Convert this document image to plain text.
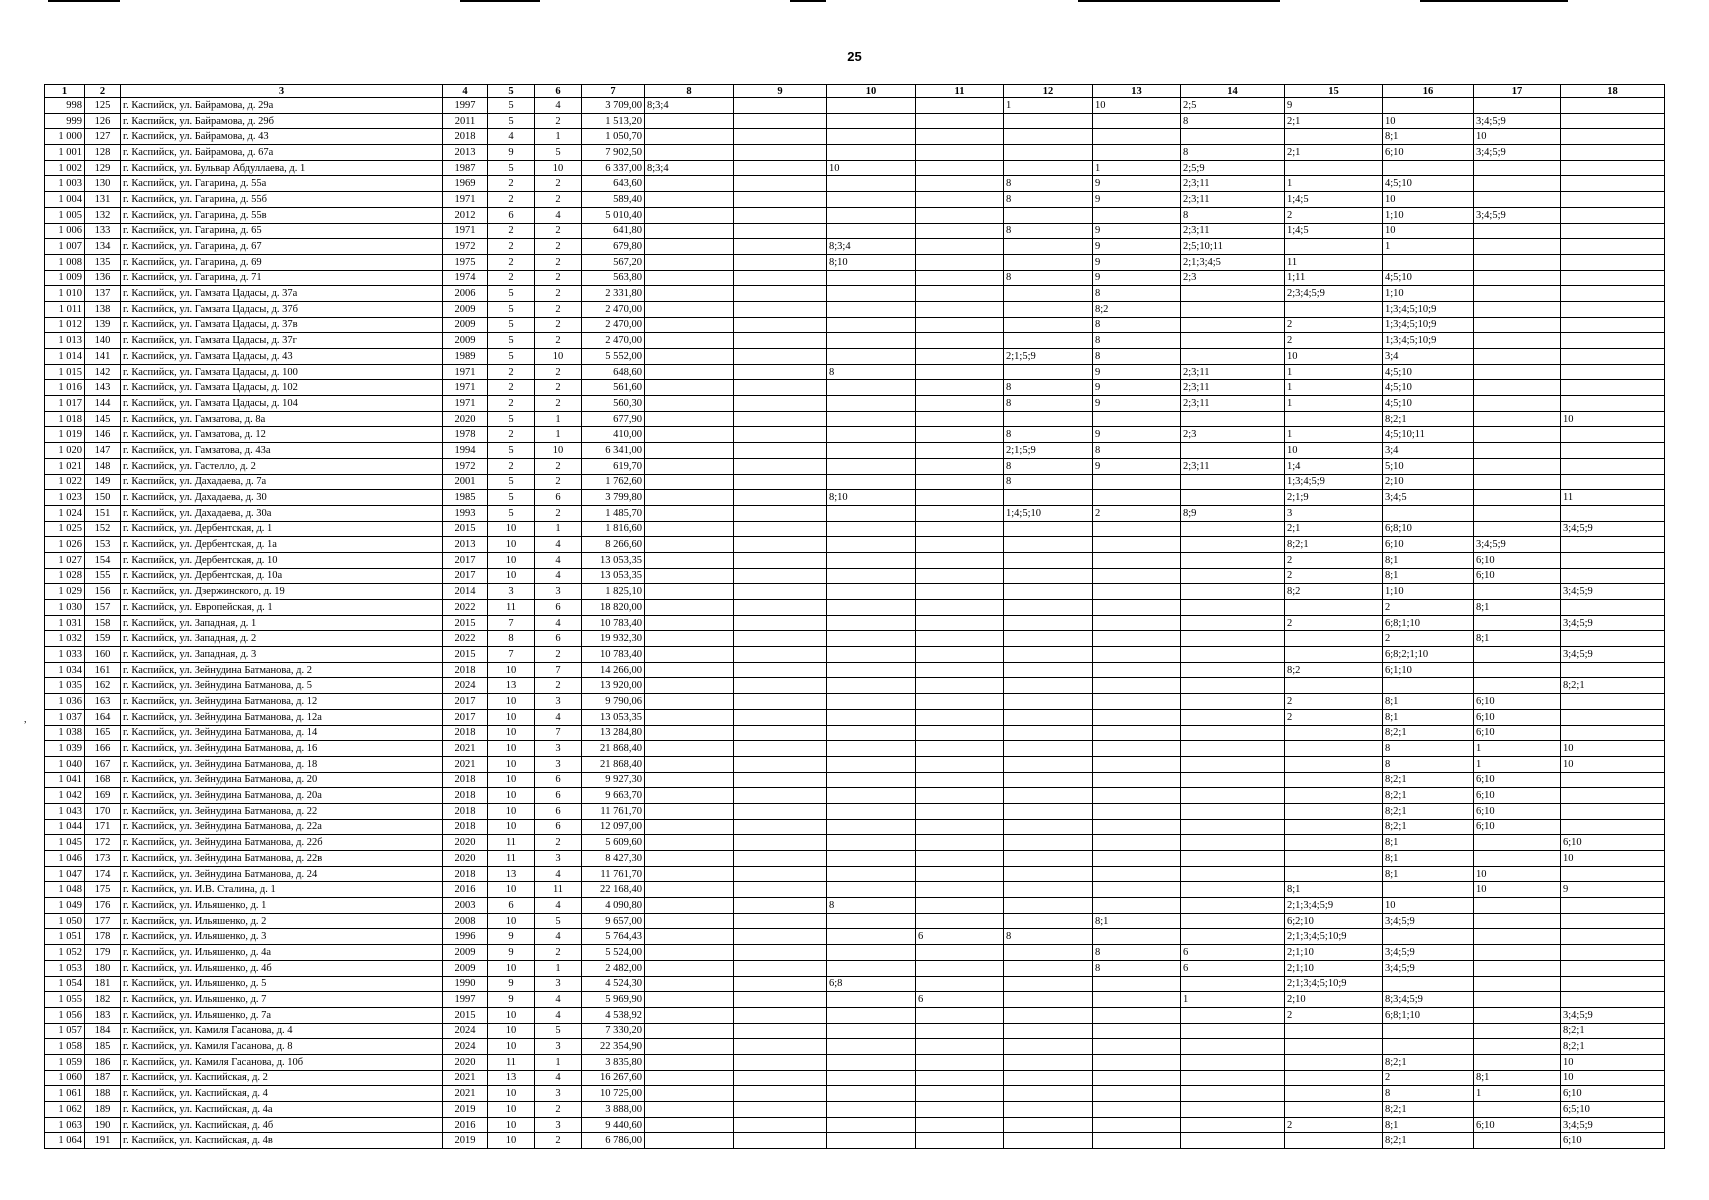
25
,
1	2	3	4	5	6	7	8	9	10	11	12	13	14	15	16	17	18
998	125	г. Каспийск, ул. Байрамова, д. 29а	1997	5	4	3 709,00	8;3;4				1	10	2;5	9			
999	126	г. Каспийск, ул. Байрамова, д. 29б	2011	5	2	1 513,20							8	2;1	10	3;4;5;9	
1 000	127	г. Каспийск, ул. Байрамова, д. 43	2018	4	1	1 050,70									8;1	10	
1 001	128	г. Каспийск, ул. Байрамова, д. 67а	2013	9	5	7 902,50							8	2;1	6;10	3;4;5;9	
1 002	129	г. Каспийск, ул. Бульвар Абдуллаева, д. 1	1987	5	10	6 337,00	8;3;4		10			1	2;5;9				
1 003	130	г. Каспийск, ул. Гагарина, д. 55а	1969	2	2	643,60					8	9	2;3;11	1	4;5;10		
1 004	131	г. Каспийск, ул. Гагарина, д. 55б	1971	2	2	589,40					8	9	2;3;11	1;4;5	10		
1 005	132	г. Каспийск, ул. Гагарина, д. 55в	2012	6	4	5 010,40							8	2	1;10	3;4;5;9	
1 006	133	г. Каспийск, ул. Гагарина, д. 65	1971	2	2	641,80					8	9	2;3;11	1;4;5	10		
1 007	134	г. Каспийск, ул. Гагарина, д. 67	1972	2	2	679,80			8;3;4			9	2;5;10;11		1		
1 008	135	г. Каспийск, ул. Гагарина, д. 69	1975	2	2	567,20			8;10			9	2;1;3;4;5	11			
1 009	136	г. Каспийск, ул. Гагарина, д. 71	1974	2	2	563,80					8	9	2;3	1;11	4;5;10		
1 010	137	г. Каспийск, ул. Гамзата Цадасы, д. 37а	2006	5	2	2 331,80						8		2;3;4;5;9	1;10		
1 011	138	г. Каспийск, ул. Гамзата Цадасы, д. 37б	2009	5	2	2 470,00						8;2			1;3;4;5;10;9		
1 012	139	г. Каспийск, ул. Гамзата Цадасы, д. 37в	2009	5	2	2 470,00						8		2	1;3;4;5;10;9		
1 013	140	г. Каспийск, ул. Гамзата Цадасы, д. 37г	2009	5	2	2 470,00						8		2	1;3;4;5;10;9		
1 014	141	г. Каспийск, ул. Гамзата Цадасы, д. 43	1989	5	10	5 552,00					2;1;5;9	8		10	3;4		
1 015	142	г. Каспийск, ул. Гамзата Цадасы, д. 100	1971	2	2	648,60			8			9	2;3;11	1	4;5;10		
1 016	143	г. Каспийск, ул. Гамзата Цадасы, д. 102	1971	2	2	561,60					8	9	2;3;11	1	4;5;10		
1 017	144	г. Каспийск, ул. Гамзата Цадасы, д. 104	1971	2	2	560,30					8	9	2;3;11	1	4;5;10		
1 018	145	г. Каспийск, ул. Гамзатова, д. 8а	2020	5	1	677,90									8;2;1		10
1 019	146	г. Каспийск, ул. Гамзатова, д. 12	1978	2	1	410,00					8	9	2;3	1	4;5;10;11		
1 020	147	г. Каспийск, ул. Гамзатова, д. 43а	1994	5	10	6 341,00					2;1;5;9	8		10	3;4		
1 021	148	г. Каспийск, ул. Гастелло, д. 2	1972	2	2	619,70					8	9	2;3;11	1;4	5;10		
1 022	149	г. Каспийск, ул. Дахадаева, д. 7а	2001	5	2	1 762,60					8			1;3;4;5;9	2;10		
1 023	150	г. Каспийск, ул. Дахадаева, д. 30	1985	5	6	3 799,80			8;10					2;1;9	3;4;5		11
1 024	151	г. Каспийск, ул. Дахадаева, д. 30а	1993	5	2	1 485,70					1;4;5;10	2	8;9	3			
1 025	152	г. Каспийск, ул. Дербентская, д. 1	2015	10	1	1 816,60								2;1	6;8;10		3;4;5;9
1 026	153	г. Каспийск, ул. Дербентская, д. 1а	2013	10	4	8 266,60								8;2;1	6;10	3;4;5;9	
1 027	154	г. Каспийск, ул. Дербентская, д. 10	2017	10	4	13 053,35								2	8;1	6;10	
1 028	155	г. Каспийск, ул. Дербентская, д. 10а	2017	10	4	13 053,35								2	8;1	6;10	
1 029	156	г. Каспийск, ул. Дзержинского, д. 19	2014	3	3	1 825,10								8;2	1;10		3;4;5;9
1 030	157	г. Каспийск, ул. Европейская, д. 1	2022	11	6	18 820,00									2	8;1	
1 031	158	г. Каспийск, ул. Западная, д. 1	2015	7	4	10 783,40								2	6;8;1;10		3;4;5;9
1 032	159	г. Каспийск, ул. Западная, д. 2	2022	8	6	19 932,30									2	8;1	
1 033	160	г. Каспийск, ул. Западная, д. 3	2015	7	2	10 783,40									6;8;2;1;10		3;4;5;9
1 034	161	г. Каспийск, ул. Зейнудина Батманова, д. 2	2018	10	7	14 266,00								8;2	6;1;10		
1 035	162	г. Каспийск, ул. Зейнудина Батманова, д. 5	2024	13	2	13 920,00											8;2;1
1 036	163	г. Каспийск, ул. Зейнудина Батманова, д. 12	2017	10	3	9 790,06								2	8;1	6;10	
1 037	164	г. Каспийск, ул. Зейнудина Батманова, д. 12а	2017	10	4	13 053,35								2	8;1	6;10	
1 038	165	г. Каспийск, ул. Зейнудина Батманова, д. 14	2018	10	7	13 284,80									8;2;1	6;10	
1 039	166	г. Каспийск, ул. Зейнудина Батманова, д. 16	2021	10	3	21 868,40									8	1	10
1 040	167	г. Каспийск, ул. Зейнудина Батманова, д. 18	2021	10	3	21 868,40									8	1	10
1 041	168	г. Каспийск, ул. Зейнудина Батманова, д. 20	2018	10	6	9 927,30									8;2;1	6;10	
1 042	169	г. Каспийск, ул. Зейнудина Батманова, д. 20а	2018	10	6	9 663,70									8;2;1	6;10	
1 043	170	г. Каспийск, ул. Зейнудина Батманова, д. 22	2018	10	6	11 761,70									8;2;1	6;10	
1 044	171	г. Каспийск, ул. Зейнудина Батманова, д. 22а	2018	10	6	12 097,00									8;2;1	6;10	
1 045	172	г. Каспийск, ул. Зейнудина Батманова, д. 22б	2020	11	2	5 609,60									8;1		6;10
1 046	173	г. Каспийск, ул. Зейнудина Батманова, д. 22в	2020	11	3	8 427,30									8;1		10
1 047	174	г. Каспийск, ул. Зейнудина Батманова, д. 24	2018	13	4	11 761,70									8;1	10	
1 048	175	г. Каспийск, ул. И.В. Сталина, д. 1	2016	10	11	22 168,40								8;1		10	9
1 049	176	г. Каспийск, ул. Ильяшенко, д. 1	2003	6	4	4 090,80			8					2;1;3;4;5;9	10		
1 050	177	г. Каспийск, ул. Ильяшенко, д. 2	2008	10	5	9 657,00						8;1		6;2;10	3;4;5;9		
1 051	178	г. Каспийск, ул. Ильяшенко, д. 3	1996	9	4	5 764,43				6	8			2;1;3;4;5;10;9			
1 052	179	г. Каспийск, ул. Ильяшенко, д. 4а	2009	9	2	5 524,00						8	6	2;1;10	3;4;5;9		
1 053	180	г. Каспийск, ул. Ильяшенко, д. 4б	2009	10	1	2 482,00						8	6	2;1;10	3;4;5;9		
1 054	181	г. Каспийск, ул. Ильяшенко, д. 5	1990	9	3	4 524,30			6;8					2;1;3;4;5;10;9			
1 055	182	г. Каспийск, ул. Ильяшенко, д. 7	1997	9	4	5 969,90				6			1	2;10	8;3;4;5;9		
1 056	183	г. Каспийск, ул. Ильяшенко, д. 7а	2015	10	4	4 538,92								2	6;8;1;10		3;4;5;9
1 057	184	г. Каспийск, ул. Камиля Гасанова, д. 4	2024	10	5	7 330,20											8;2;1
1 058	185	г. Каспийск, ул. Камиля Гасанова, д. 8	2024	10	3	22 354,90											8;2;1
1 059	186	г. Каспийск, ул. Камиля Гасанова, д. 10б	2020	11	1	3 835,80									8;2;1		10
1 060	187	г. Каспийск, ул. Каспийская, д. 2	2021	13	4	16 267,60									2	8;1	10
1 061	188	г. Каспийск, ул. Каспийская, д. 4	2021	10	3	10 725,00									8	1	6;10
1 062	189	г. Каспийск, ул. Каспийская, д. 4а	2019	10	2	3 888,00									8;2;1		6;5;10
1 063	190	г. Каспийск, ул. Каспийская, д. 4б	2016	10	3	9 440,60								2	8;1	6;10	3;4;5;9
1 064	191	г. Каспийск, ул. Каспийская, д. 4в	2019	10	2	6 786,00									8;2;1		6;10
